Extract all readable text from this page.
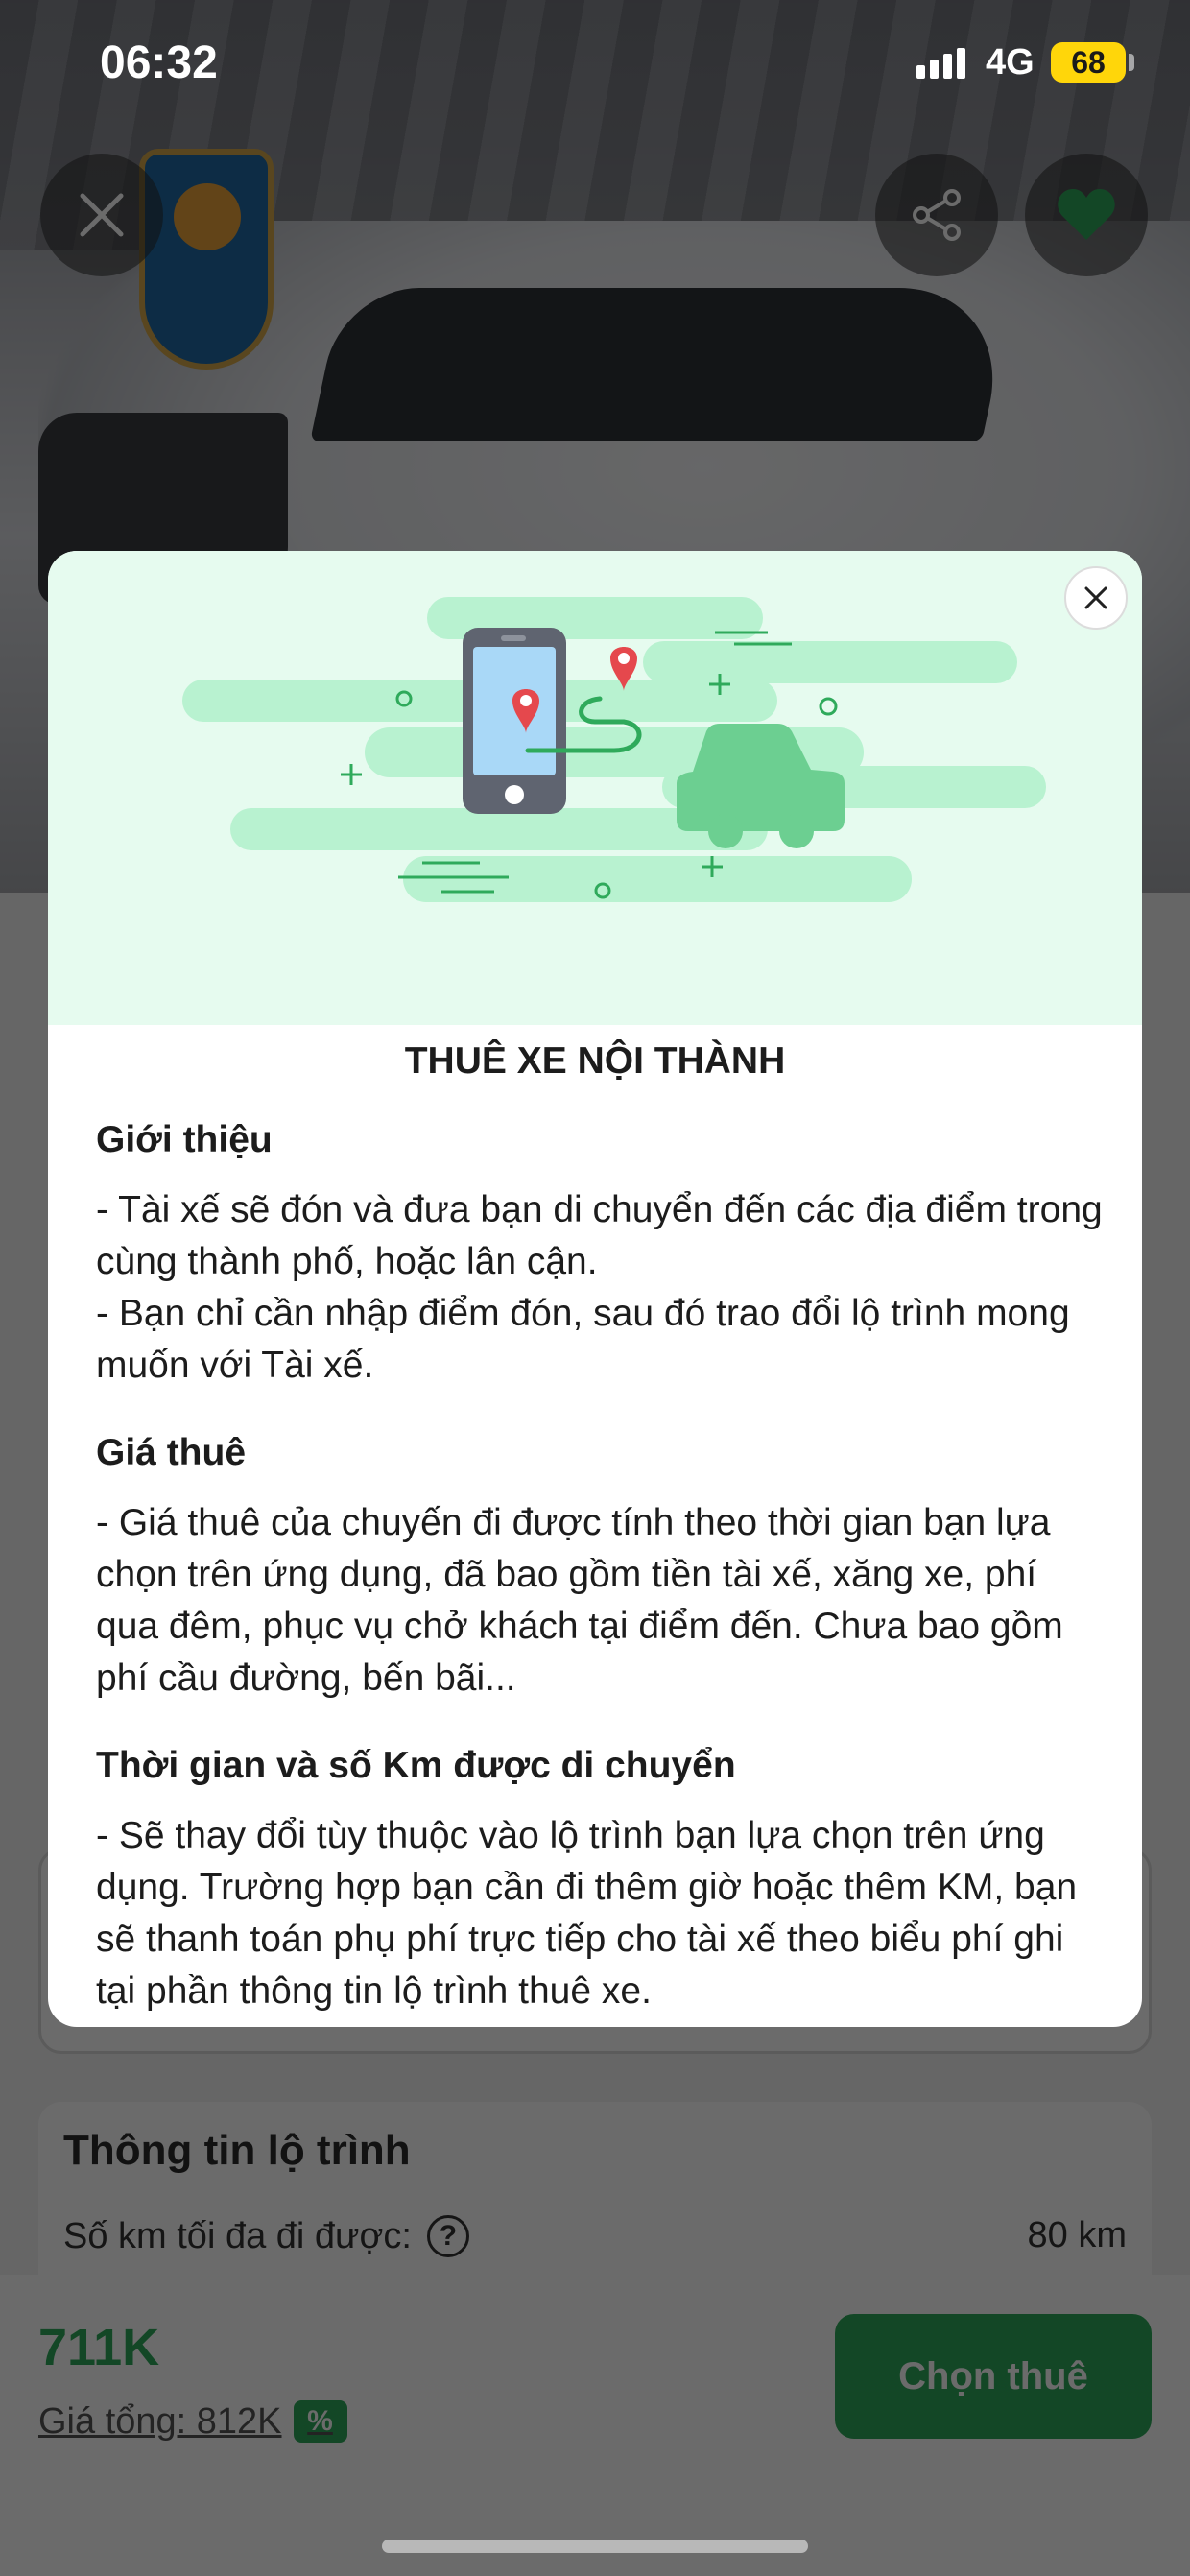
06:32	4G	68
THUÊ XE NỘI THÀNH
Giới thiệu
- Tài xế sẽ đón và đưa bạn di chuyển đến các địa điểm trong cùng thành phố, hoặc lân cận.
- Bạn chỉ cần nhập điểm đón, sau đó trao đổi lộ trình mong muốn với Tài xế.
Giá thuê
- Giá thuê của chuyến đi được tính theo thời gian bạn lựa chọn trên ứng dụng, đã bao gồm tiền tài xế, xăng xe, phí qua đêm, phục vụ chở khách tại điểm đến. Chưa bao gồm phí cầu đường, bến bãi...
Thời gian và số Km được di chuyển
- Sẽ thay đổi tùy thuộc vào lộ trình bạn lựa chọn trên ứng dụng. Trường hợp bạn cần đi thêm giờ hoặc thêm KM, bạn sẽ thanh toán phụ phí trực tiếp cho tài xế theo biểu phí ghi tại phần thông tin lộ trình thuê xe.
